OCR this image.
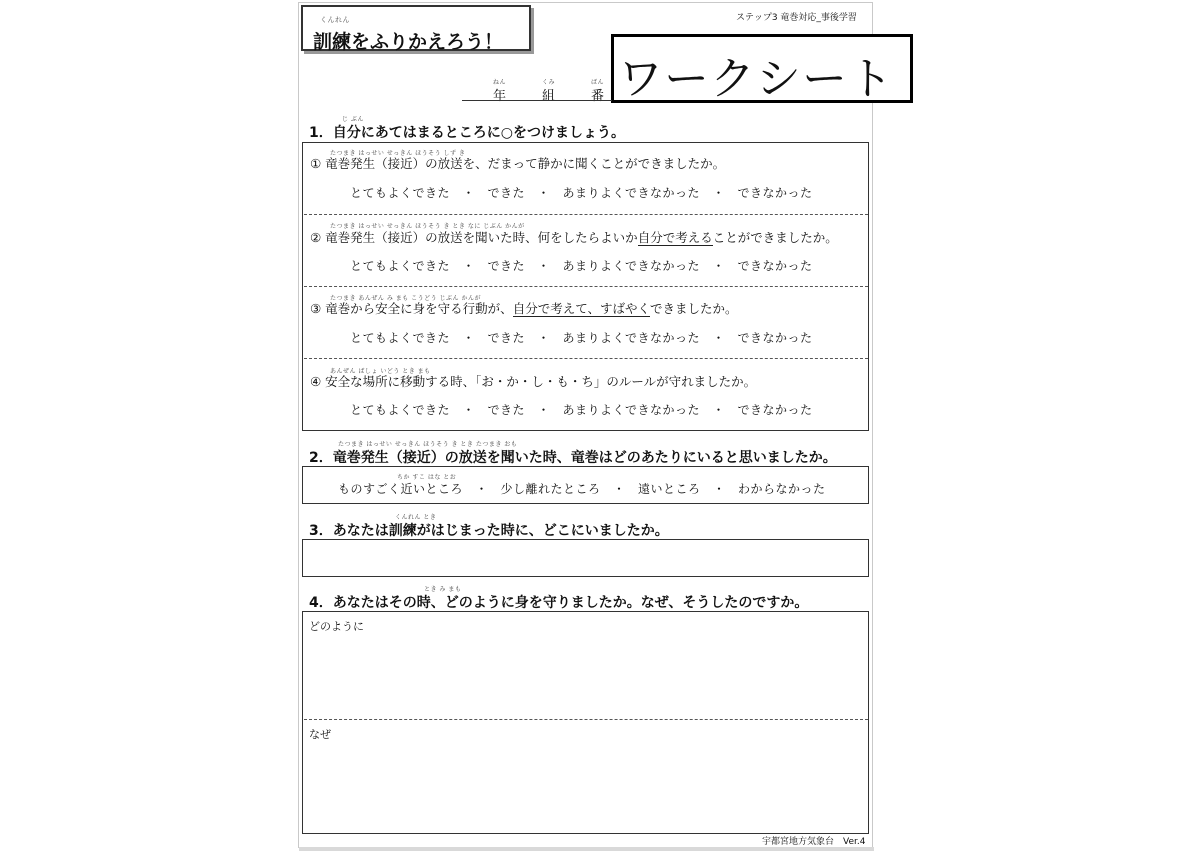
くんれん
訓練をふりかえろう！
ステップ3 竜巻対応_事後学習
ワークシート
ねん	くみ	ばん
年	組	番
じ ぶん
1．自分にあてはまるところに○をつけましょう。
たつまき はっせい せっきん ほうそう しず き
① 竜巻発生（接近）の放送を、だまって静かに聞くことができましたか。
とてもよくできた　・　できた　・　あまりよくできなかった　・　できなかった
たつまき はっせい せっきん ほうそう き とき なに じぶん かんが
② 竜巻発生（接近）の放送を聞いた時、何をしたらよいか自分で考えることができましたか。
とてもよくできた　・　できた　・　あまりよくできなかった　・　できなかった
たつまき あんぜん み まも こうどう じぶん かんが
③ 竜巻から安全に身を守る行動が、自分で考えて、すばやくできましたか。
とてもよくできた　・　できた　・　あまりよくできなかった　・　できなかった
あんぜん ばしょ いどう とき まも
④ 安全な場所に移動する時、「お・か・し・も・ち」のルールが守れましたか。
とてもよくできた　・　できた　・　あまりよくできなかった　・　できなかった
たつまき はっせい せっきん ほうそう き とき たつまき おも
2．竜巻発生（接近）の放送を聞いた時、竜巻はどのあたりにいると思いましたか。
ちか すこ はな とお
ものすごく近いところ　・　少し離れたところ　・　遠いところ　・　わからなかった
くんれん とき
3．あなたは訓練がはじまった時に、どこにいましたか。
とき み まも
4．あなたはその時、どのように身を守りましたか。なぜ、そうしたのですか。
どのように
なぜ
宇都宮地方気象台　Ver.4
